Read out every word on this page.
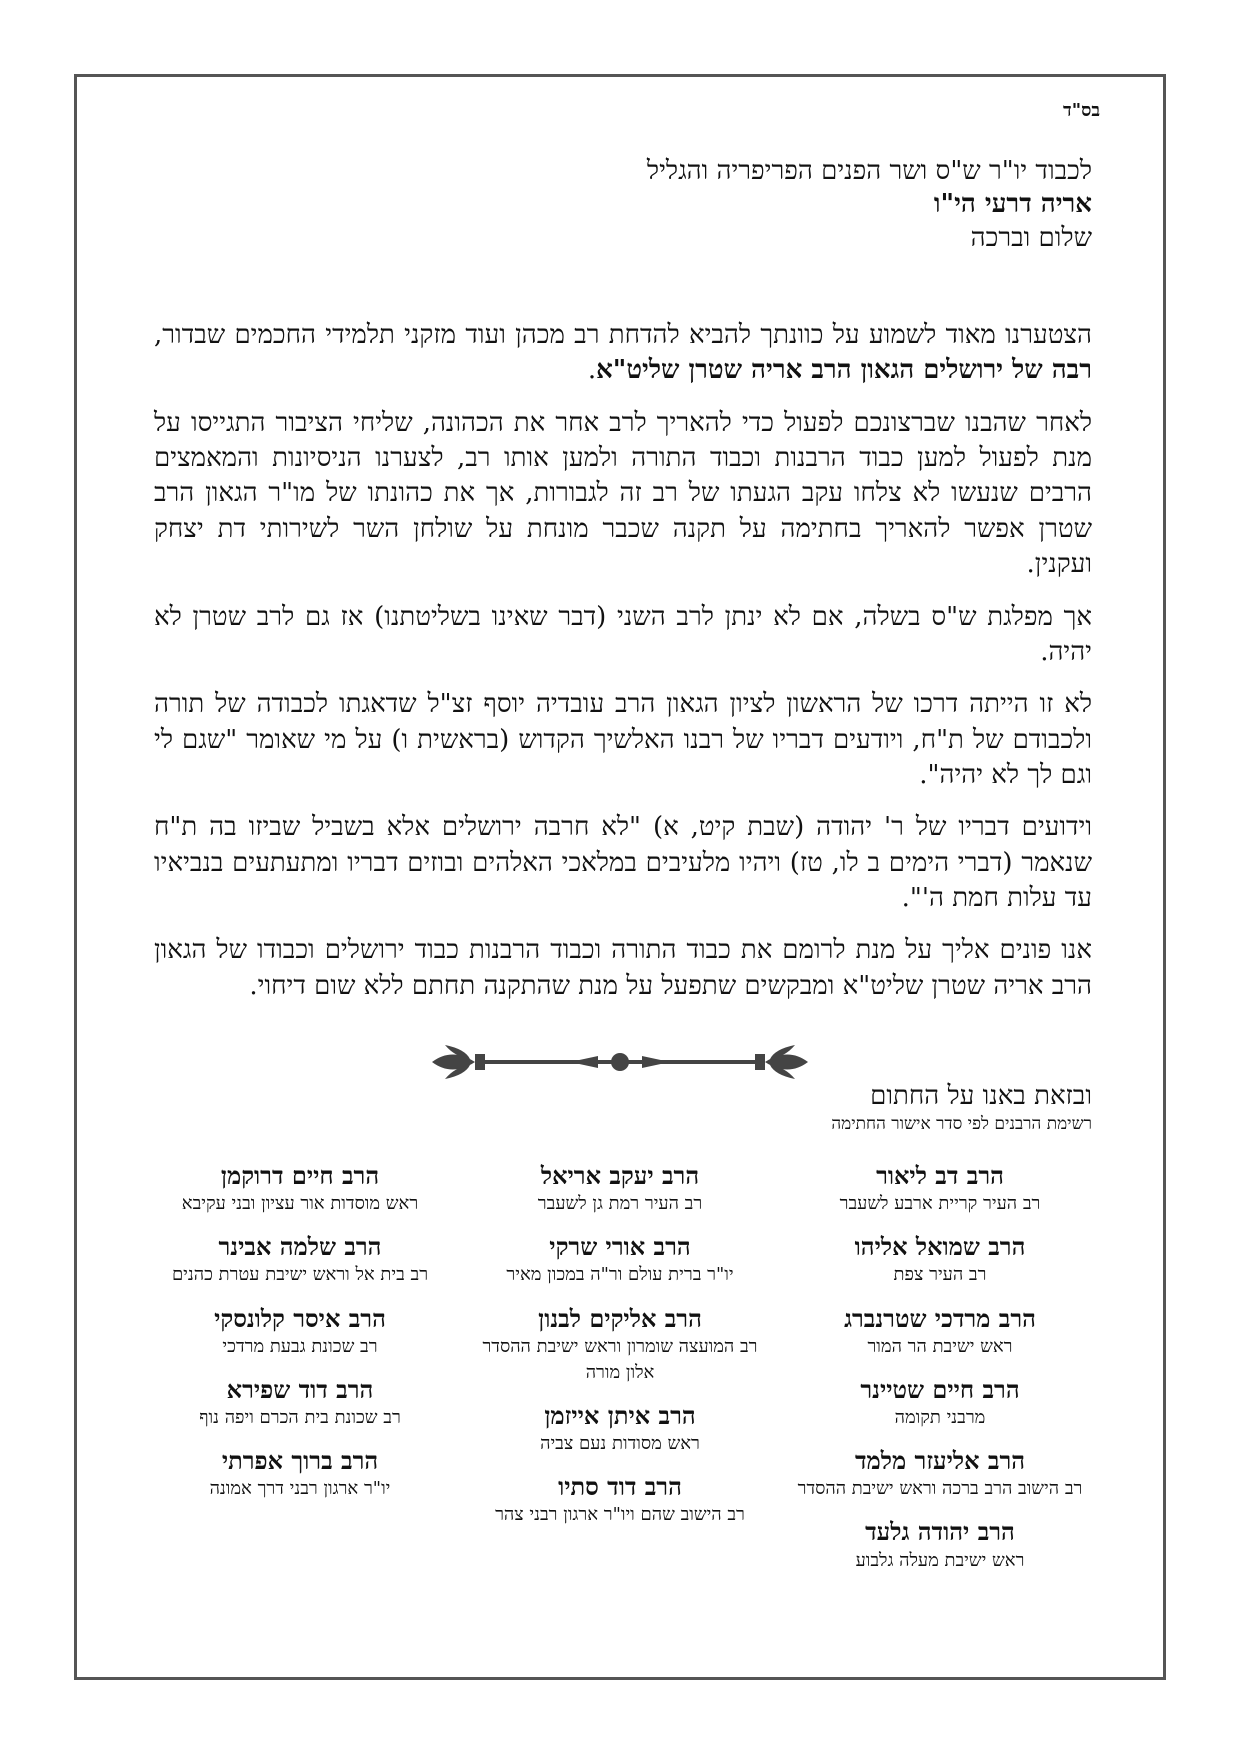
בס"ד
לכבוד יו"ר ש"ס ושר הפנים הפריפריה והגליל
אריה דרעי הי"ו
שלום וברכה

הצטערנו מאוד לשמוע על כוונתך להביא להדחת רב מכהן ועוד מזקני תלמידי החכמים שבדור, רבה של ירושלים הגאון הרב אריה שטרן שליט"א.

לאחר שהבנו שברצונכם לפעול כדי להאריך לרב אחר את הכהונה, שליחי הציבור התגייסו על מנת לפעול למען כבוד הרבנות וכבוד התורה ולמען אותו רב, לצערנו הניסיונות והמאמצים הרבים שנעשו לא צלחו עקב הגעתו של רב זה לגבורות, אך את כהונתו של מו"ר הגאון הרב שטרן אפשר להאריך בחתימה על תקנה שכבר מונחת על שולחן השר לשירותי דת יצחק ועקנין.

אך מפלגת ש"ס בשלה, אם לא ינתן לרב השני (דבר שאינו בשליטתנו) אז גם לרב שטרן לא יהיה.

לא זו הייתה דרכו של הראשון לציון הגאון הרב עובדיה יוסף זצ"ל שדאגתו לכבודה של תורה ולכבודם של ת"ח, ויודעים דבריו של רבנו האלשיך הקדוש (בראשית ו) על מי שאומר "שגם לי וגם לך לא יהיה".

וידועים דבריו של ר' יהודה (שבת קיט, א) "לא חרבה ירושלים אלא בשביל שביזו בה ת"ח שנאמר (דברי הימים ב לו, טז) ויהיו מלעיבים במלאכי האלהים ובוזים דבריו ומתעתעים בנביאיו עד עלות חמת ה'".

אנו פונים אליך על מנת לרומם את כבוד התורה וכבוד הרבנות כבוד ירושלים וכבודו של הגאון הרב אריה שטרן שליט"א ומבקשים שתפעל על מנת שהתקנה תחתם ללא שום דיחוי.

ובזאת באנו על החתום
רשימת הרבנים לפי סדר אישור החתימה
הרב דב ליאור
רב העיר קריית ארבע לשעבר
הרב שמואל אליהו
רב העיר צפת
הרב מרדכי שטרנברג
ראש ישיבת הר המור
הרב חיים שטיינר
מרבני תקומה
הרב אליעזר מלמד
רב הישוב הרב ברכה וראש ישיבת ההסדר
הרב יהודה גלעד
ראש ישיבת מעלה גלבוע
הרב יעקב אריאל
רב העיר רמת גן לשעבר
הרב אורי שרקי
יו"ר ברית עולם ור"ה במכון מאיר
הרב אליקים לבנון
רב המועצה שומרון וראש ישיבת ההסדר אלון מורה
הרב איתן אייזמן
ראש מסודות נעם צביה
הרב דוד סתיו
רב הישוב שהם ויו"ר ארגון רבני צהר
הרב חיים דרוקמן
ראש מוסדות אור עציון ובני עקיבא
הרב שלמה אבינר
רב בית אל וראש ישיבת עטרת כהנים
הרב איסר קלונסקי
רב שכונת גבעת מרדכי
הרב דוד שפירא
רב שכונת בית הכרם ויפה נוף
הרב ברוך אפרתי
יו"ר ארגון רבני דרך אמונה
